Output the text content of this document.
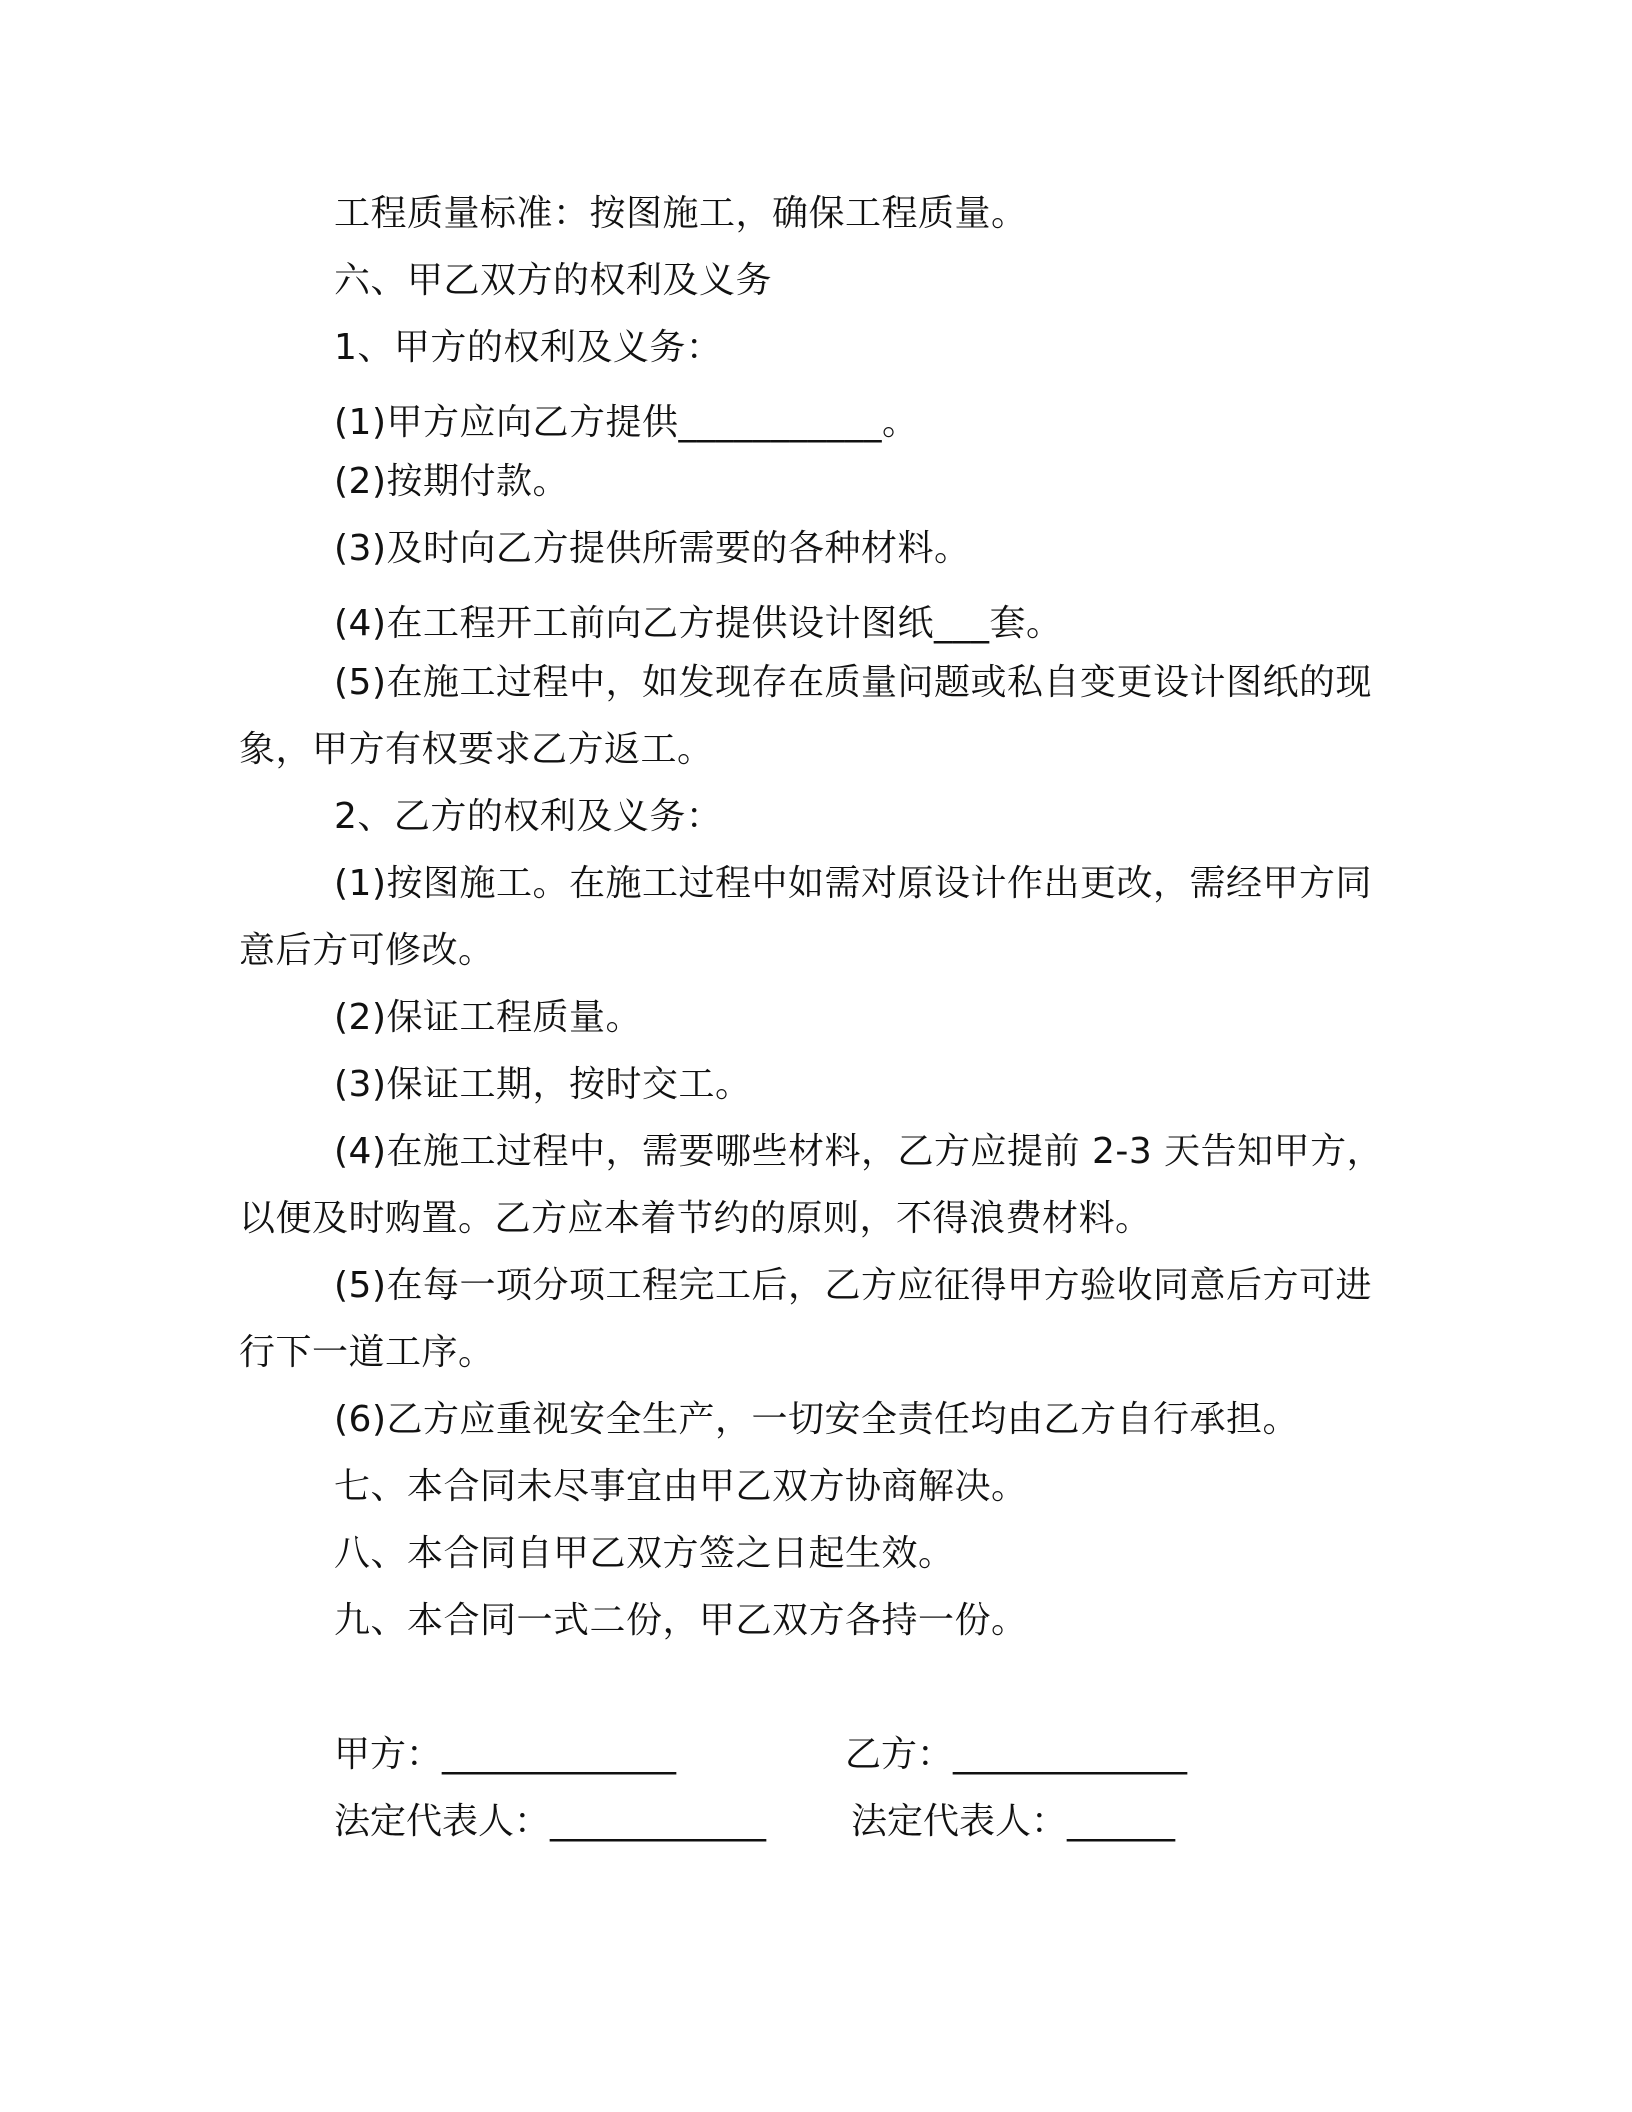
工程质量标准：按图施工，确保工程质量。
六、甲乙双方的权利及义务
1、甲方的权利及义务：
(1)甲方应向乙方提供___________。
(2)按期付款。
(3)及时向乙方提供所需要的各种材料。
(4)在工程开工前向乙方提供设计图纸___套。
(5)在施工过程中，如发现存在质量问题或私自变更设计图纸的现
象，甲方有权要求乙方返工。
2、乙方的权利及义务：
(1)按图施工。在施工过程中如需对原设计作出更改，需经甲方同
意后方可修改。
(2)保证工程质量。
(3)保证工期，按时交工。
(4)在施工过程中，需要哪些材料，乙方应提前 2-3 天告知甲方，
以便及时购置。乙方应本着节约的原则，不得浪费材料。
(5)在每一项分项工程完工后，乙方应征得甲方验收同意后方可进
行下一道工序。
(6)乙方应重视安全生产，一切安全责任均由乙方自行承担。
七、本合同未尽事宜由甲乙双方协商解决。
八、本合同自甲乙双方签之日起生效。
九、本合同一式二份，甲乙双方各持一份。
甲方：_____________	乙方：_____________
法定代表人：____________ 法定代表人：______
